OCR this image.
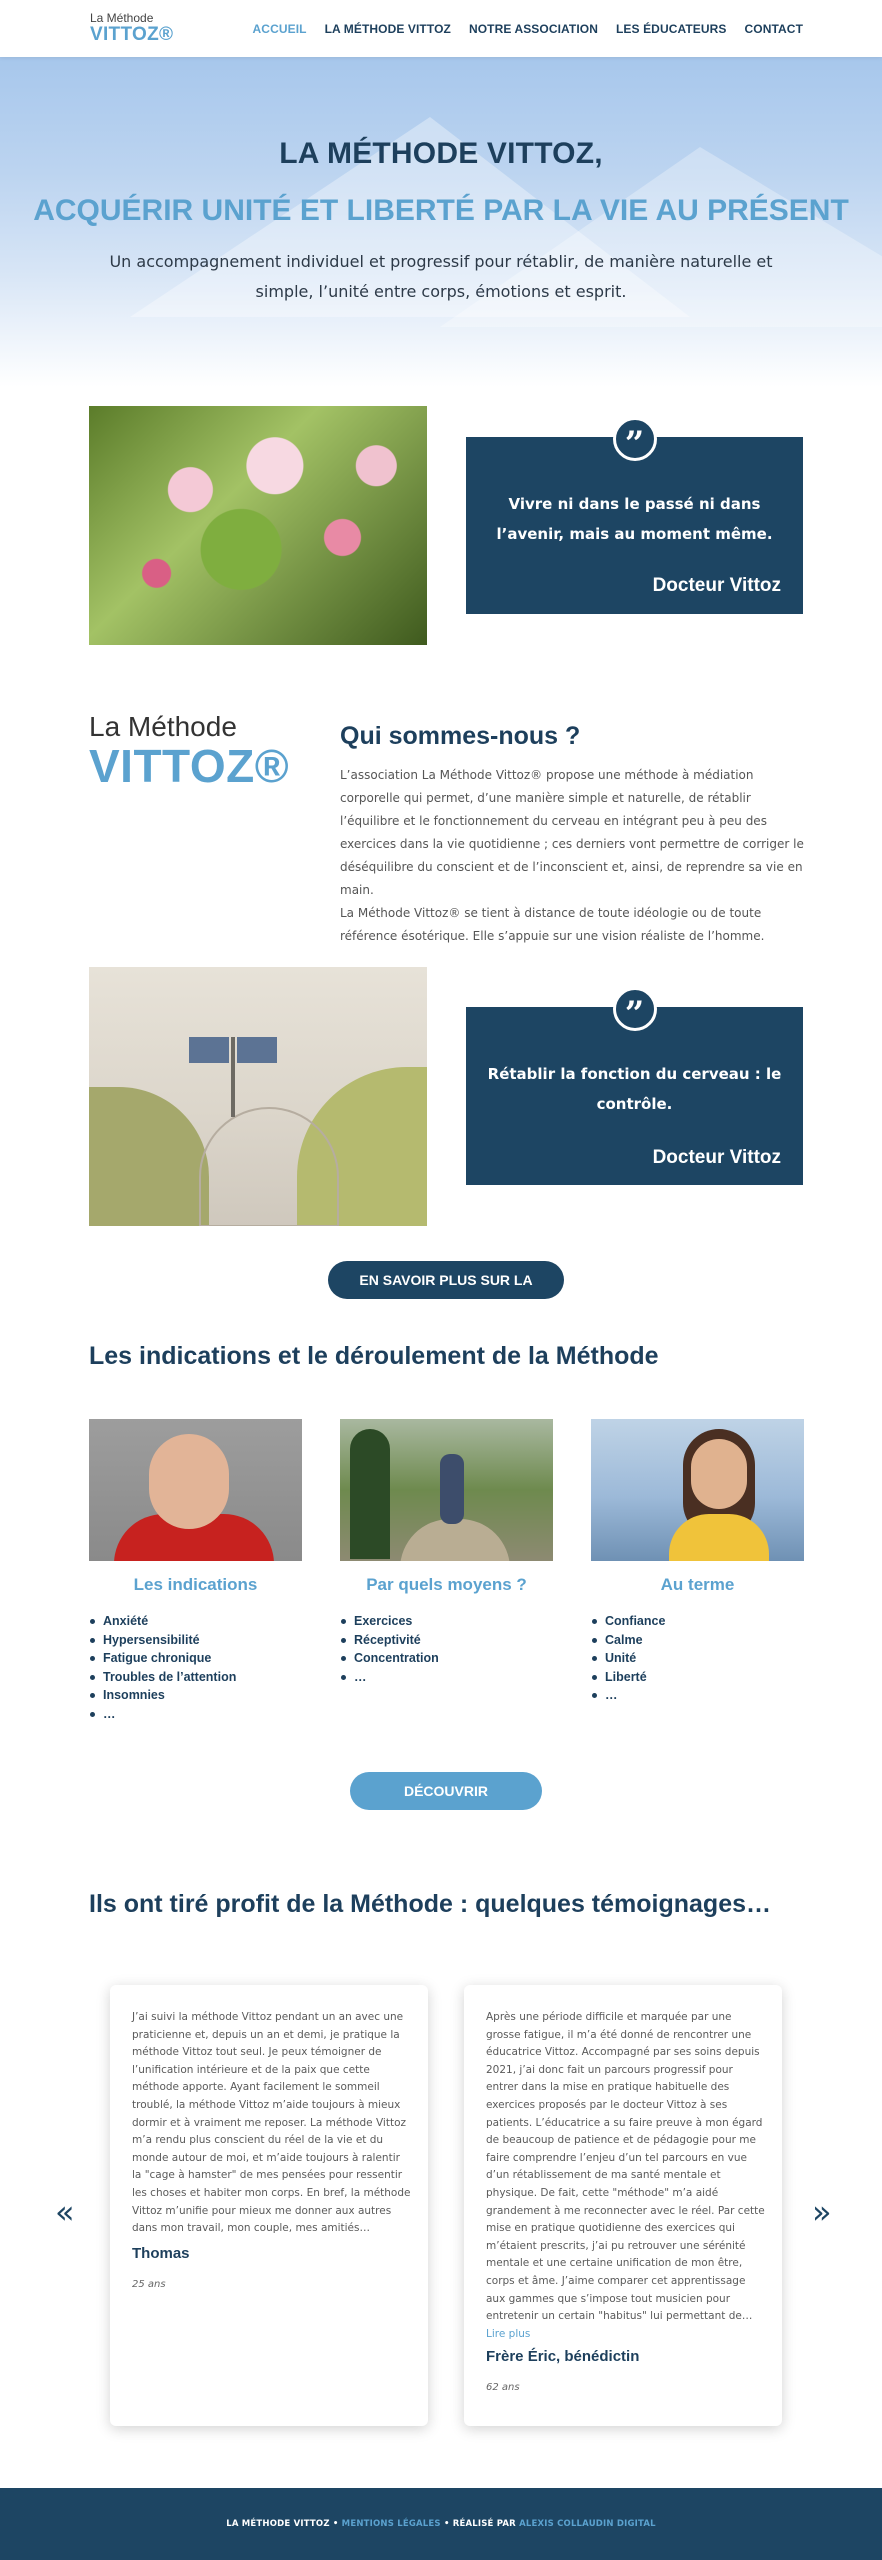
La Méthode
VITTOZ®	ACCUEIL LA MÉTHODE VITTOZ NOTRE ASSOCIATION LES ÉDUCATEURS CONTACT
LA MÉTHODE VITTOZ,
ACQUÉRIR UNITÉ ET LIBERTÉ PAR LA VIE AU PRÉSENT

Un accompagnement individuel et progressif pour rétablir, de manière naturelle et simple, l’unité entre corps, émotions et esprit.

”
Vivre ni dans le passé ni dans l’avenir, mais au moment même.
Docteur Vittoz
La Méthode
VITTOZ®
Qui sommes-nous ?

L’association La Méthode Vittoz® propose une méthode à médiation corporelle qui permet, d’une manière simple et naturelle, de rétablir l’équilibre et le fonctionnement du cerveau en intégrant peu à peu des exercices dans la vie quotidienne ; ces derniers vont permettre de corriger le déséquilibre du conscient et de l’inconscient et, ainsi, de reprendre sa vie en main.

La Méthode Vittoz® se tient à distance de toute idéologie ou de toute référence ésotérique. Elle s’appuie sur une vision réaliste de l’homme.

”
Rétablir la fonction du cerveau : le contrôle.
Docteur Vittoz
EN SAVOIR PLUS SUR LA MÉTHODE
Les indications et le déroulement de la Méthode
Les indications	Par quels moyens ?	Au terme
Anxiété
Hypersensibilité
Fatigue chronique
Troubles de l’attention
Insomnies
…
Exercices
Réceptivité
Concentration
…
Confiance
Calme
Unité
Liberté
…
DÉCOUVRIR L’ASSOCIATION
Ils ont tiré profit de la Méthode : quelques témoignages…
«	»
J’ai suivi la méthode Vittoz pendant un an avec une praticienne et, depuis un an et demi, je pratique la méthode Vittoz tout seul. Je peux témoigner de l’unification intérieure et de la paix que cette méthode apporte. Ayant facilement le sommeil troublé, la méthode Vittoz m’aide toujours à mieux dormir et à vraiment me reposer. La méthode Vittoz m’a rendu plus conscient du réel de la vie et du monde autour de moi, et m’aide toujours à ralentir la "cage à hamster" de mes pensées pour ressentir les choses et habiter mon corps. En bref, la méthode Vittoz m’unifie pour mieux me donner aux autres dans mon travail, mon couple, mes amitiés…
Thomas
25 ans
Après une période difficile et marquée par une grosse fatigue, il m’a été donné de rencontrer une éducatrice Vittoz. Accompagné par ses soins depuis 2021, j’ai donc fait un parcours progressif pour entrer dans la mise en pratique habituelle des exercices proposés par le docteur Vittoz à ses patients. L’éducatrice a su faire preuve à mon égard de beaucoup de patience et de pédagogie pour me faire comprendre l’enjeu d’un tel parcours en vue d’un rétablissement de ma santé mentale et physique. De fait, cette "méthode" m’a aidé grandement à me reconnecter avec le réel. Par cette mise en pratique quotidienne des exercices qui m’étaient prescrits, j’ai pu retrouver une sérénité mentale et une certaine unification de mon être, corps et âme. J’aime comparer cet apprentissage aux gammes que s’impose tout musicien pour entretenir un certain "habitus" lui permettant de…
Lire plus
Frère Éric, bénédictin
62 ans
LA MÉTHODE VITTOZ • MENTIONS LÉGALES • RÉALISÉ PAR ALEXIS COLLAUDIN DIGITAL
